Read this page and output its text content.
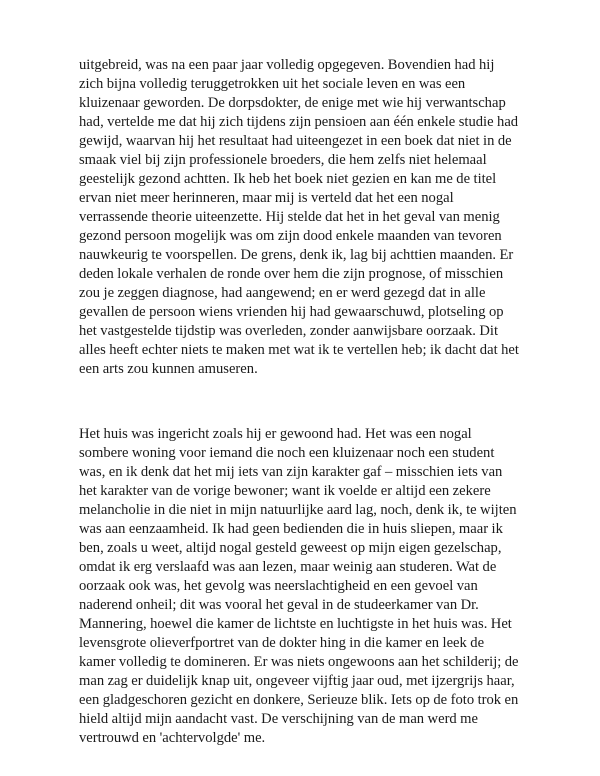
uitgebreid, was na een paar jaar volledig opgegeven. Bovendien had hij zich bijna volledig teruggetrokken uit het sociale leven en was een kluizenaar geworden. De dorpsdokter, de enige met wie hij verwantschap had, vertelde me dat hij zich tijdens zijn pensioen aan één enkele studie had gewijd, waarvan hij het resultaat had uiteengezet in een boek dat niet in de smaak viel bij zijn professionele broeders, die hem zelfs niet helemaal geestelijk gezond achtten. Ik heb het boek niet gezien en kan me de titel ervan niet meer herinneren, maar mij is verteld dat het een nogal verrassende theorie uiteenzette. Hij stelde dat het in het geval van menig gezond persoon mogelijk was om zijn dood enkele maanden van tevoren nauwkeurig te voorspellen. De grens, denk ik, lag bij achttien maanden. Er deden lokale verhalen de ronde over hem die zijn prognose, of misschien zou je zeggen diagnose, had aangewend; en er werd gezegd dat in alle gevallen de persoon wiens vrienden hij had gewaarschuwd, plotseling op het vastgestelde tijdstip was overleden, zonder aanwijsbare oorzaak. Dit alles heeft echter niets te maken met wat ik te vertellen heb; ik dacht dat het een arts zou kunnen amuseren.

Het huis was ingericht zoals hij er gewoond had. Het was een nogal sombere woning voor iemand die noch een kluizenaar noch een student was, en ik denk dat het mij iets van zijn karakter gaf – misschien iets van het karakter van de vorige bewoner; want ik voelde er altijd een zekere melancholie in die niet in mijn natuurlijke aard lag, noch, denk ik, te wijten was aan eenzaamheid. Ik had geen bedienden die in huis sliepen, maar ik ben, zoals u weet, altijd nogal gesteld geweest op mijn eigen gezelschap, omdat ik erg verslaafd was aan lezen, maar weinig aan studeren. Wat de oorzaak ook was, het gevolg was neerslachtigheid en een gevoel van naderend onheil; dit was vooral het geval in de studeerkamer van Dr. Mannering, hoewel die kamer de lichtste en luchtigste in het huis was. Het levensgrote olieverfportret van de dokter hing in die kamer en leek de kamer volledig te domineren. Er was niets ongewoons aan het schilderij; de man zag er duidelijk knap uit, ongeveer vijftig jaar oud, met ijzergrijs haar, een gladgeschoren gezicht en donkere, Serieuze blik. Iets op de foto trok en hield altijd mijn aandacht vast. De verschijning van de man werd me vertrouwd en 'achtervolgde' me.
